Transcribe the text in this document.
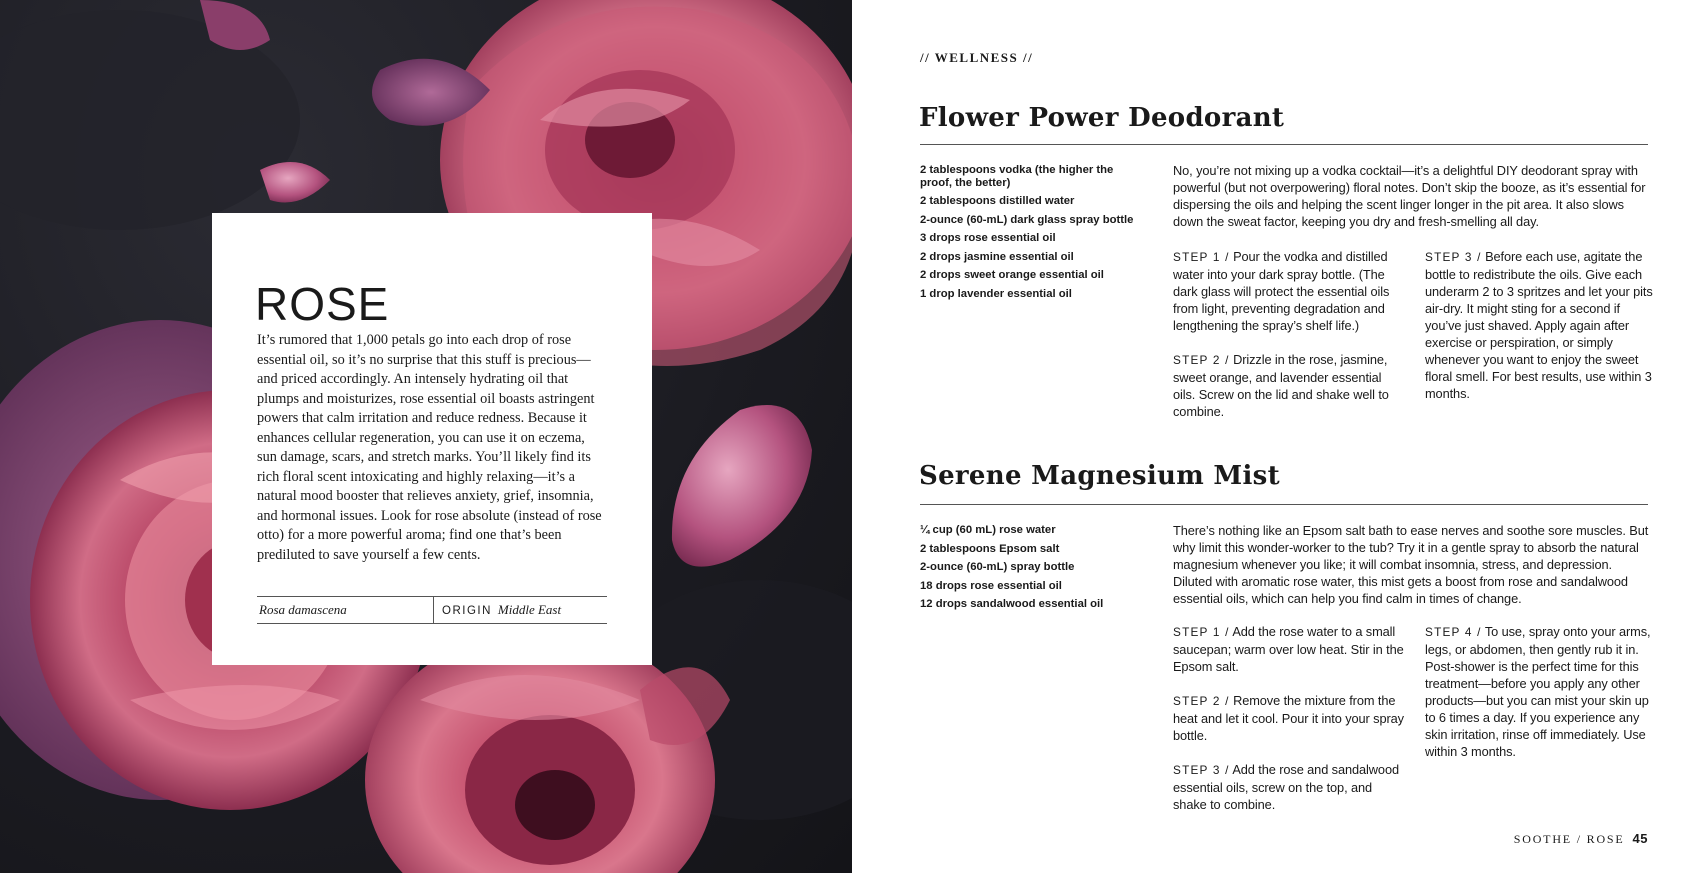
ROSE

It’s rumored that 1,000 petals go into each drop of rose essential oil, so it’s no surprise that this stuff is precious—and priced accordingly. An intensely hydrating oil that plumps and moisturizes, rose essential oil boasts astringent powers that calm irritation and reduce redness. Because it enhances cellular regeneration, you can use it on eczema, sun damage, scars, and stretch marks. You’ll likely find its rich floral scent intoxicating and highly relaxing—it’s a natural mood booster that relieves anxiety, grief, insomnia, and hormonal issues. Look for rose absolute (instead of rose otto) for a more powerful aroma; find one that’s been prediluted to save yourself a few cents.

Rosa damascena	ORIGIN Middle East
// WELLNESS //
Flower Power Deodorant
2 tablespoons vodka (the higher the proof, the better)
2 tablespoons distilled water
2-ounce (60-mL) dark glass spray bottle
3 drops rose essential oil
2 drops jasmine essential oil
2 drops sweet orange essential oil
1 drop lavender essential oil

No, you’re not mixing up a vodka cocktail—it’s a delightful DIY deodorant spray with powerful (but not overpowering) floral notes. Don’t skip the booze, as it’s essential for dispersing the oils and helping the scent linger longer in the pit area. It also slows down the sweat factor, keeping you dry and fresh-smelling all day.

STEP 1 / Pour the vodka and distilled water into your dark spray bottle. (The dark glass will protect the essential oils from light, preventing degradation and lengthening the spray’s shelf life.)

STEP 2 / Drizzle in the rose, jasmine, sweet orange, and lavender essential oils. Screw on the lid and shake well to combine.

STEP 3 / Before each use, agitate the bottle to redistribute the oils. Give each underarm 2 to 3 spritzes and let your pits air-dry. It might sting for a second if you’ve just shaved. Apply again after exercise or perspiration, or simply whenever you want to enjoy the sweet floral smell. For best results, use within 3 months.

Serene Magnesium Mist
¼ cup (60 mL) rose water
2 tablespoons Epsom salt
2-ounce (60-mL) spray bottle
18 drops rose essential oil
12 drops sandalwood essential oil

There’s nothing like an Epsom salt bath to ease nerves and soothe sore muscles. But why limit this wonder-worker to the tub? Try it in a gentle spray to absorb the natural magnesium whenever you like; it will combat insomnia, stress, and depression. Diluted with aromatic rose water, this mist gets a boost from rose and sandalwood essential oils, which can help you find calm in times of change.

STEP 1 / Add the rose water to a small saucepan; warm over low heat. Stir in the Epsom salt.

STEP 2 / Remove the mixture from the heat and let it cool. Pour it into your spray bottle.

STEP 3 / Add the rose and sandalwood essential oils, screw on the top, and shake to combine.

STEP 4 / To use, spray onto your arms, legs, or abdomen, then gently rub it in. Post-shower is the perfect time for this treatment—before you apply any other products—but you can mist your skin up to 6 times a day. If you experience any skin irritation, rinse off immediately. Use within 3 months.

SOOTHE / ROSE 45
